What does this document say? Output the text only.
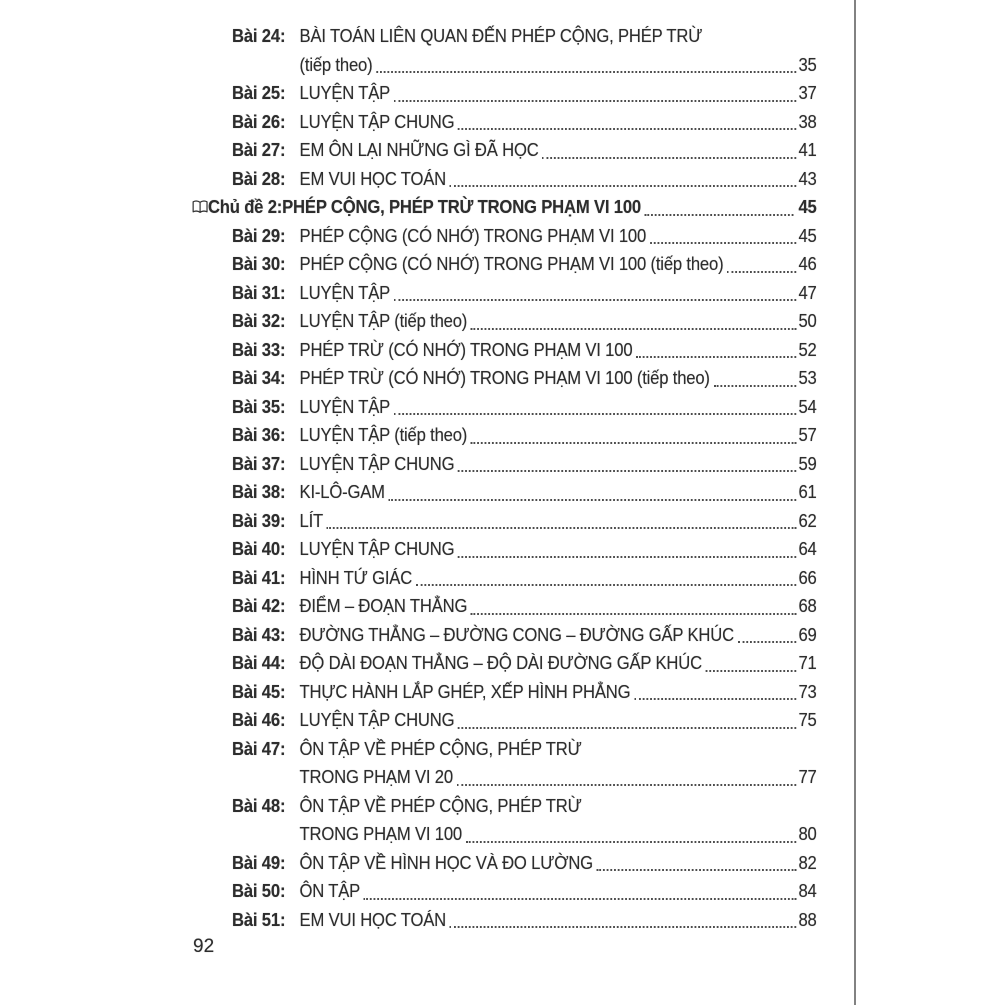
Bài 24: BÀI TOÁN LIÊN QUAN ĐẾN PHÉP CỘNG, PHÉP TRỪ
(tiếp theo)	35
Bài 25: LUYỆN TẬP	37
Bài 26: LUYỆN TẬP CHUNG	38
Bài 27: EM ÔN LẠI NHỮNG GÌ ĐÃ HỌC	41
Bài 28: EM VUI HỌC TOÁN	43
Chủ đề 2: PHÉP CỘNG, PHÉP TRỪ TRONG PHẠM VI 100	45
Bài 29: PHÉP CỘNG (CÓ NHỚ) TRONG PHẠM VI 100	45
Bài 30: PHÉP CỘNG (CÓ NHỚ) TRONG PHẠM VI 100 (tiếp theo)	46
Bài 31: LUYỆN TẬP	47
Bài 32: LUYỆN TẬP (tiếp theo)	50
Bài 33: PHÉP TRỪ (CÓ NHỚ) TRONG PHẠM VI 100	52
Bài 34: PHÉP TRỪ (CÓ NHỚ) TRONG PHẠM VI 100 (tiếp theo)	53
Bài 35: LUYỆN TẬP	54
Bài 36: LUYỆN TẬP (tiếp theo)	57
Bài 37: LUYỆN TẬP CHUNG	59
Bài 38: KI-LÔ-GAM	61
Bài 39: LÍT	62
Bài 40: LUYỆN TẬP CHUNG	64
Bài 41: HÌNH TỨ GIÁC	66
Bài 42: ĐIỂM – ĐOẠN THẲNG	68
Bài 43: ĐƯỜNG THẲNG – ĐƯỜNG CONG – ĐƯỜNG GẤP KHÚC	69
Bài 44: ĐỘ DÀI ĐOẠN THẲNG – ĐỘ DÀI ĐƯỜNG GẤP KHÚC	71
Bài 45: THỰC HÀNH LẮP GHÉP, XẾP HÌNH PHẲNG	73
Bài 46: LUYỆN TẬP CHUNG	75
Bài 47: ÔN TẬP VỀ PHÉP CỘNG, PHÉP TRỪ
TRONG PHẠM VI 20	77
Bài 48: ÔN TẬP VỀ PHÉP CỘNG, PHÉP TRỪ
TRONG PHẠM VI 100	80
Bài 49: ÔN TẬP VỀ HÌNH HỌC VÀ ĐO LƯỜNG	82
Bài 50: ÔN TẬP	84
Bài 51: EM VUI HỌC TOÁN	88
92
